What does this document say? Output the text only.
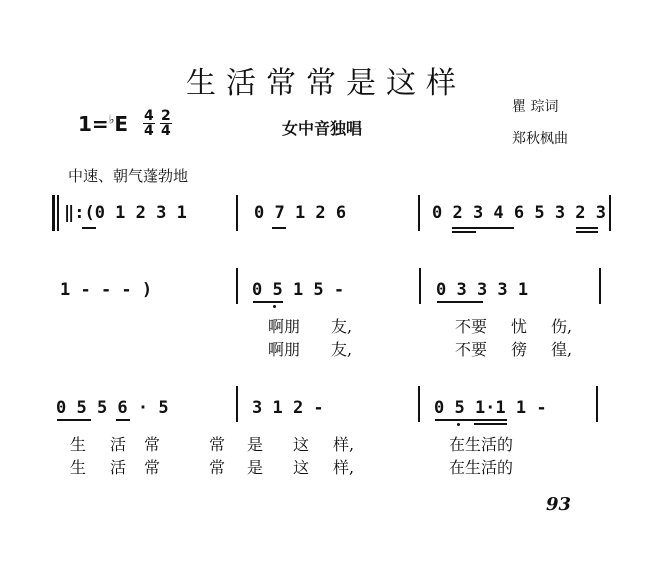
生活常常是这样
$1=^♭E \frac{4}{4} \frac{2}{4}$	女中音独唱
瞿 琮词
郑秋枫曲
中速、朝气蓬勃地
‖:(0 1 2 3 1	0 7 1 2 6	0 2 3 4 6 5 3 2 3
1 - - - )	0 5 1 5 -	0 3 3 3 1
啊朋 友,	不要 忧 伤,
啊朋 友,	不要 徬 徨,
0 5 5 6 · 5	3 1 2 -	0 5 1·1 1 -
生 活常 常 是 这 样,	在生活的
生 活常 常 是 这 样,	在生活的
93
